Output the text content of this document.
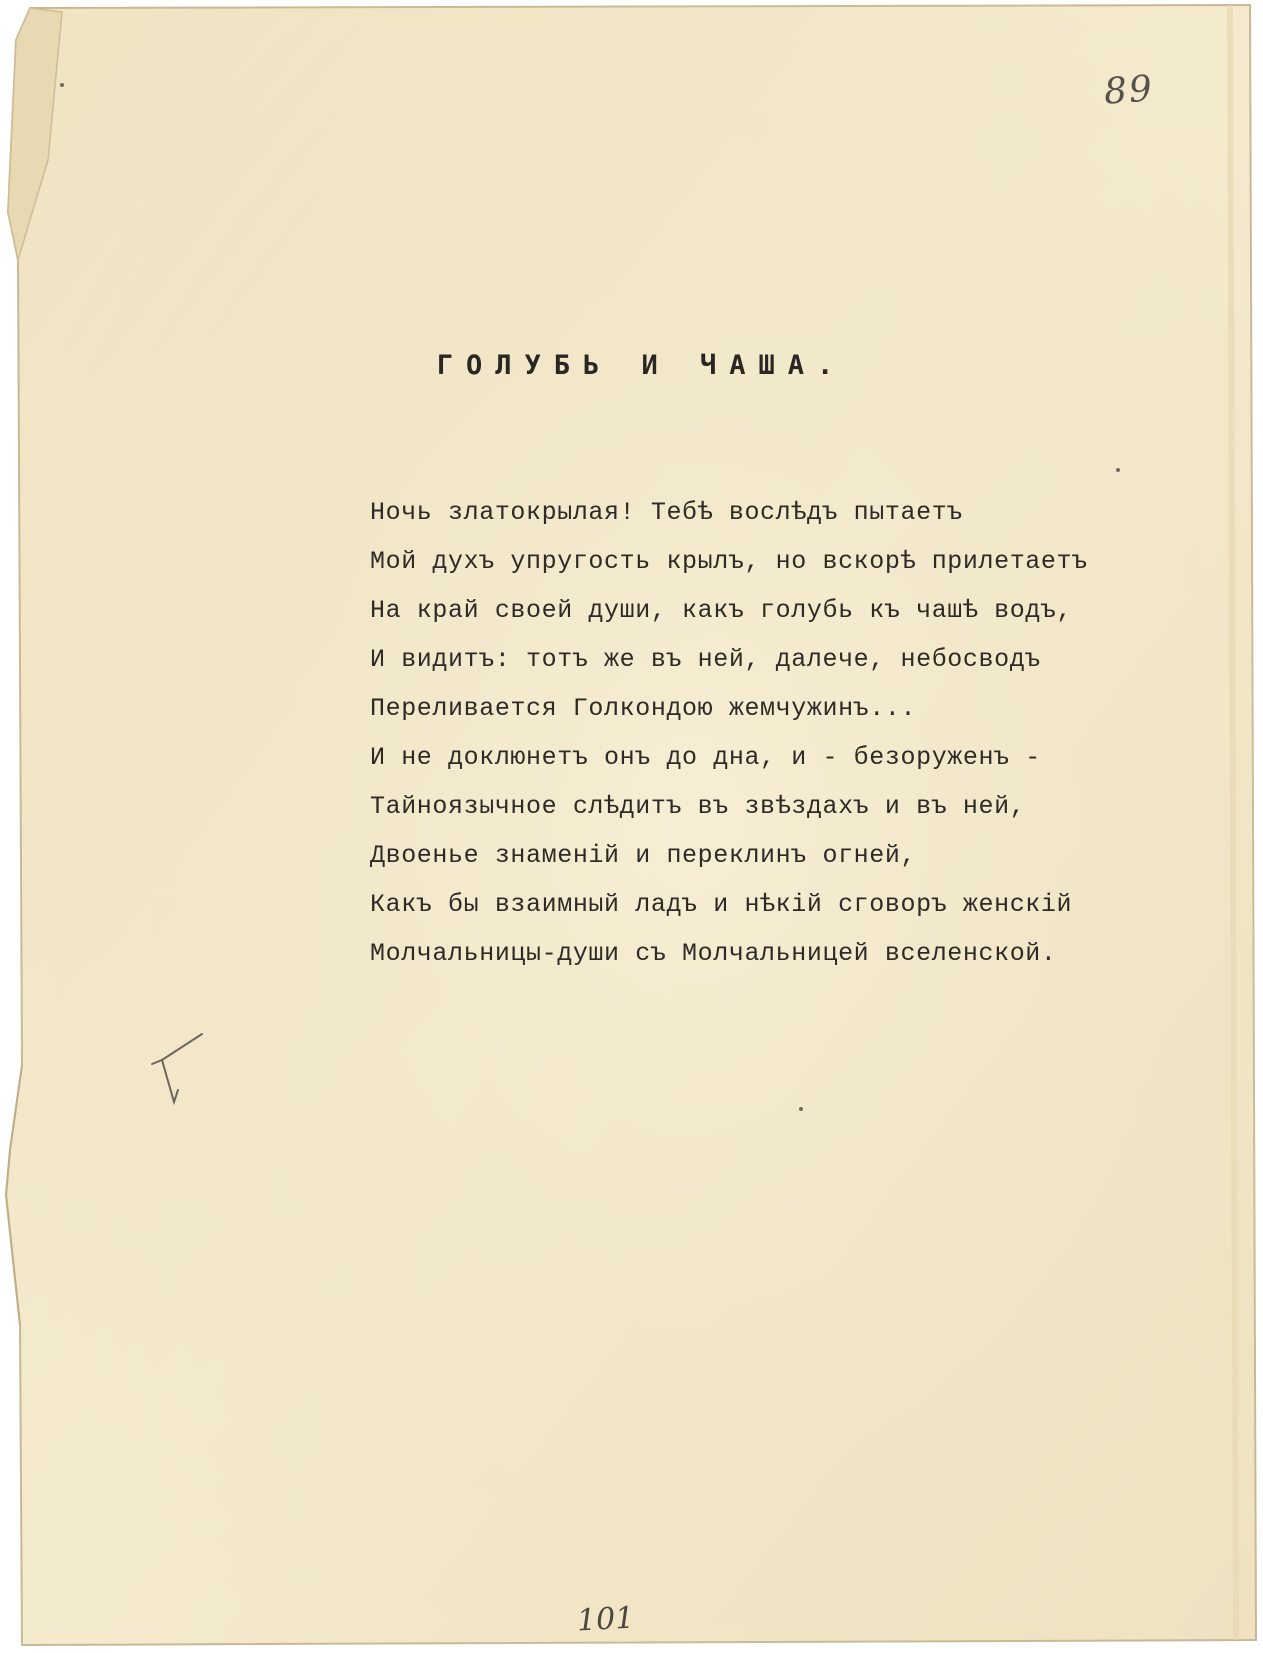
89
ГОЛУБЬ И ЧАША.
Ночь златокрылая! Тебѣ вослѣдъ пытаетъ
Мой духъ упругость крылъ, но вскорѣ прилетаетъ
На край своей души, какъ голубь къ чашѣ водъ,
И видитъ: тотъ же въ ней, далече, небосводъ
Переливается Голкондою жемчужинъ...
И не доклюнетъ онъ до дна, и - безоруженъ -
Тайноязычное слѣдитъ въ звѣздахъ и въ ней,
Двоенье знаменій и переклинъ огней,
Какъ бы взаимный ладъ и нѣкій сговоръ женскій
Молчальницы-души съ Молчальницей вселенской.
101
